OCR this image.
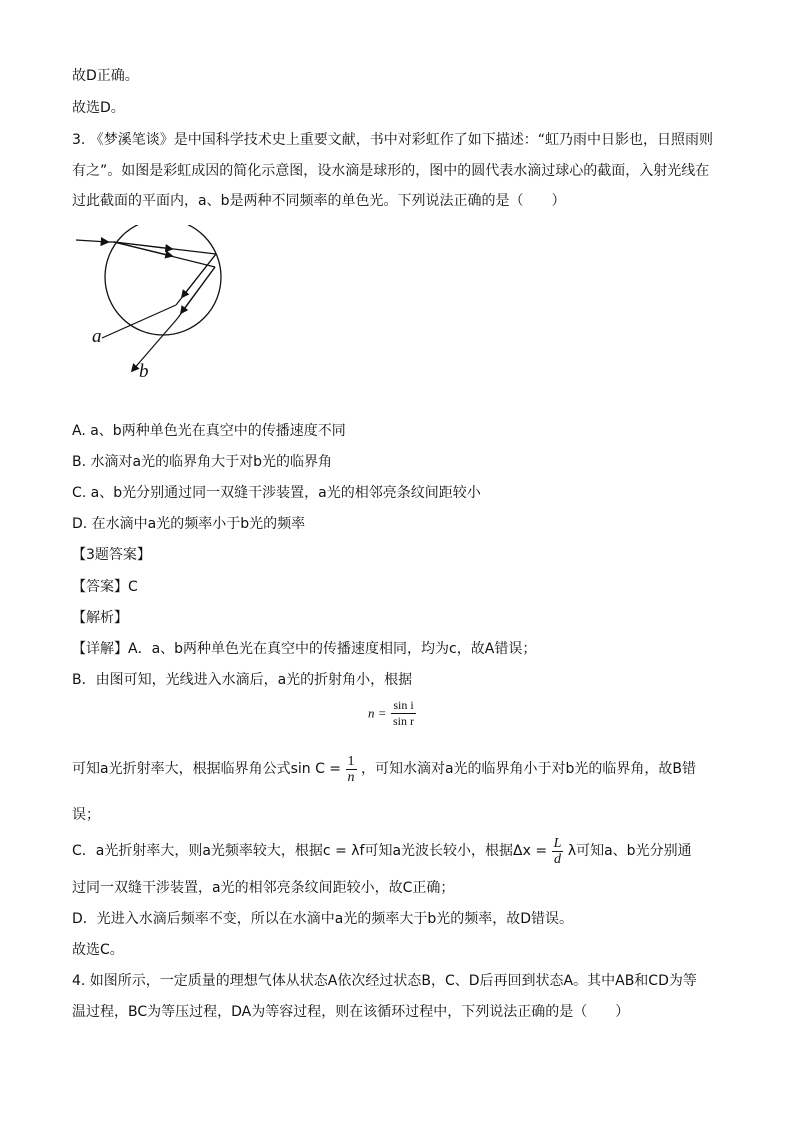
故D正确。
故选D。
3. 《梦溪笔谈》是中国科学技术史上重要文献，书中对彩虹作了如下描述：“虹乃雨中日影也，日照雨则
有之”。如图是彩虹成因的简化示意图，设水滴是球形的，图中的圆代表水滴过球心的截面，入射光线在
过此截面的平面内，a、b是两种不同频率的单色光。下列说法正确的是（　　）
a
b
A. a、b两种单色光在真空中的传播速度不同
B. 水滴对a光的临界角大于对b光的临界角
C. a、b光分别通过同一双缝干涉装置，a光的相邻亮条纹间距较小
D. 在水滴中a光的频率小于b光的频率
【3题答案】
【答案】C
【解析】
【详解】A．a、b两种单色光在真空中的传播速度相同，均为c，故A错误；
B．由图可知，光线进入水滴后，a光的折射角小，根据
$n = \frac{\text{sin i}}{\text{sin r}}$
可知a光折射率大，根据临界角公式$\sin C = \frac{1}{n}$ ，可知水滴对a光的临界角小于对b光的临界角，故B错
误；
C．a光折射率大，则a光频率较大，根据c = λf可知a光波长较小，根据$\Delta x = \frac{L}{d}$ λ可知a、b光分别通
过同一双缝干涉装置，a光的相邻亮条纹间距较小，故C正确；
D．光进入水滴后频率不变，所以在水滴中a光的频率大于b光的频率，故D错误。
故选C。
4. 如图所示，一定质量的理想气体从状态A依次经过状态B，C、D后再回到状态A。其中AB和CD为等
温过程，BC为等压过程，DA为等容过程，则在该循环过程中，下列说法正确的是（　　）
